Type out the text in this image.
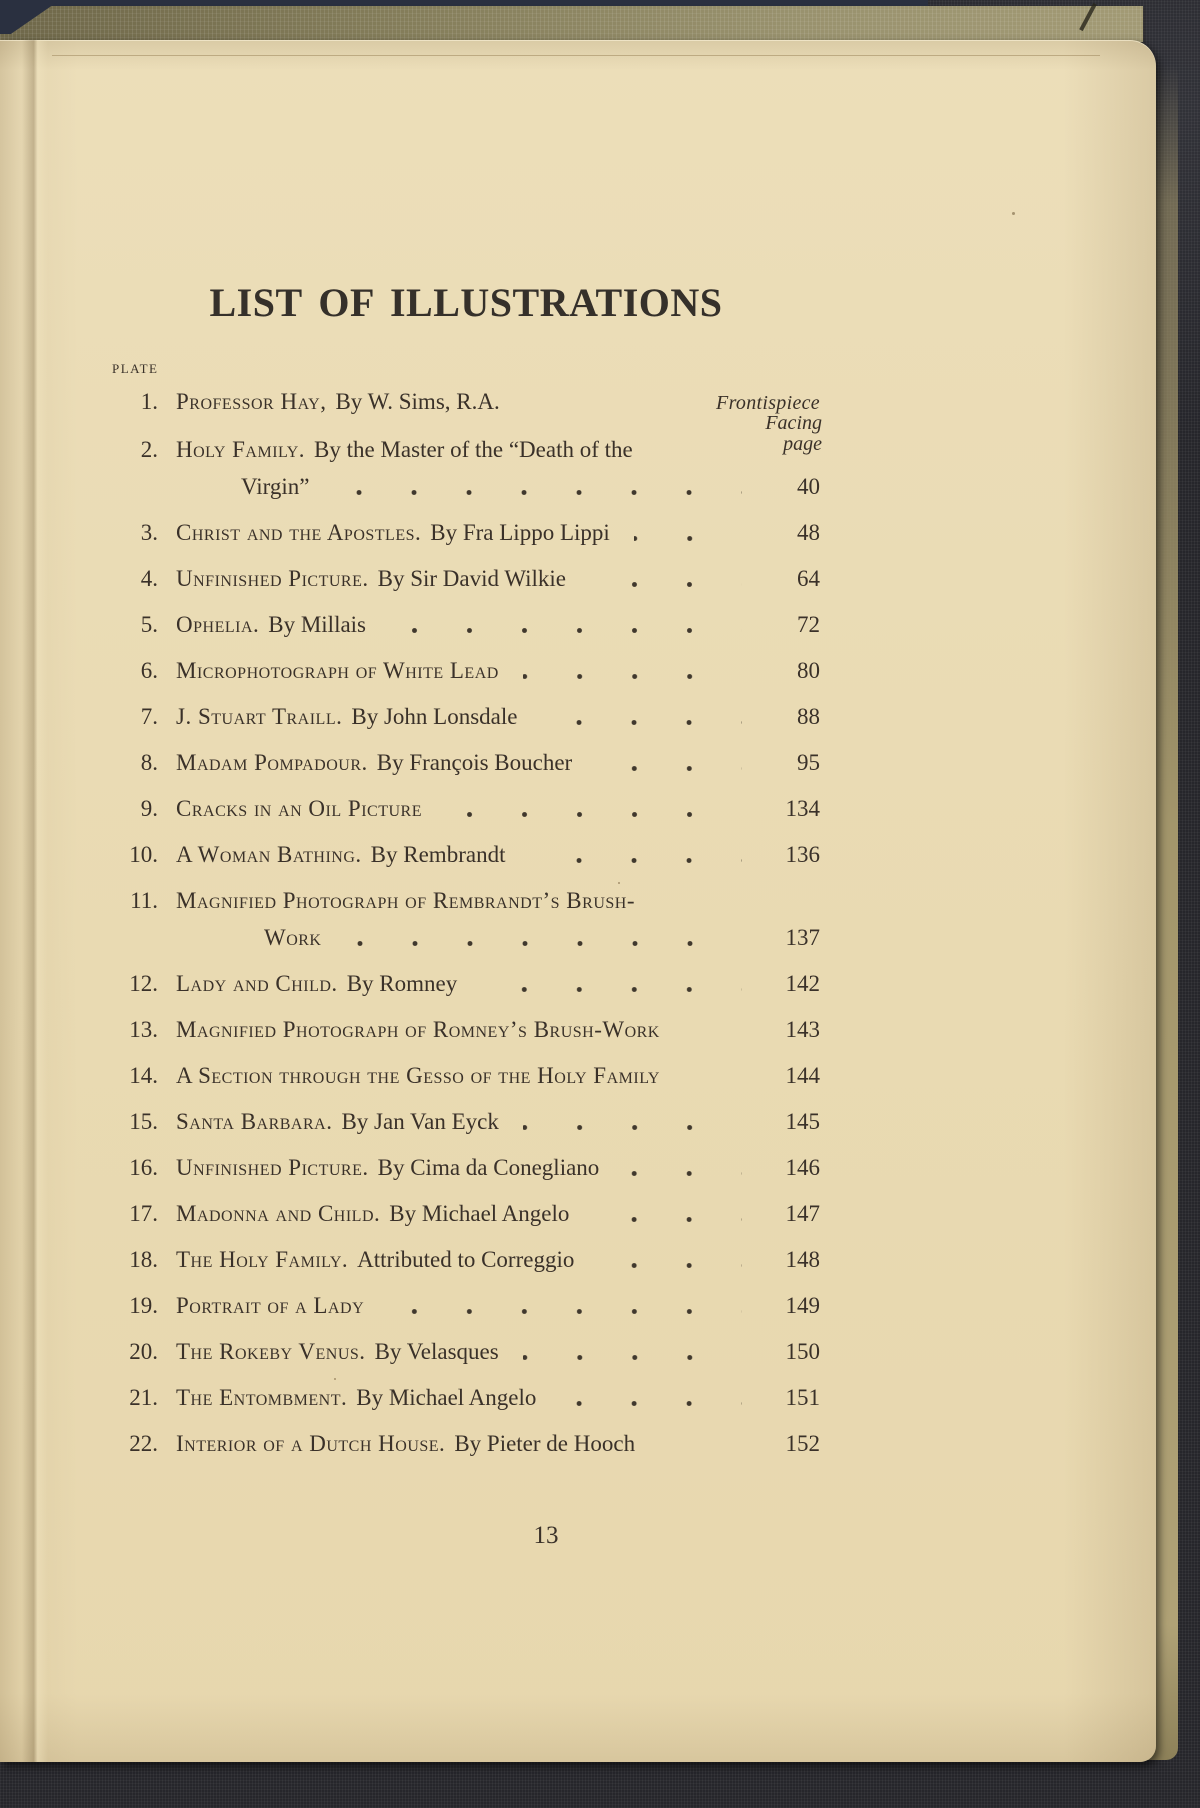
LIST OF ILLUSTRATIONS
PLATE
Facing
page
1. Professor Hay, By W. Sims, R.A.	Frontispiece
2. Holy Family. By the Master of the “Death of the
Virgin”	40
3. Christ and the Apostles. By Fra Lippo Lippi	48
4. Unfinished Picture. By Sir David Wilkie	64
5. Ophelia. By Millais	72
6. Microphotograph of White Lead	80
7. J. Stuart Traill. By John Lonsdale	88
8. Madam Pompadour. By François Boucher	95
9. Cracks in an Oil Picture	134
10. A Woman Bathing. By Rembrandt	136
11. Magnified Photograph of Rembrandt’s Brush-
Work	137
12. Lady and Child. By Romney	142
13. Magnified Photograph of Romney’s Brush-Work	143
14. A Section through the Gesso of the Holy Family	144
15. Santa Barbara. By Jan Van Eyck	145
16. Unfinished Picture. By Cima da Conegliano	146
17. Madonna and Child. By Michael Angelo	147
18. The Holy Family. Attributed to Correggio	148
19. Portrait of a Lady	149
20. The Rokeby Venus. By Velasques	150
21. The Entombment. By Michael Angelo	151
22. Interior of a Dutch House. By Pieter de Hooch	152
13
